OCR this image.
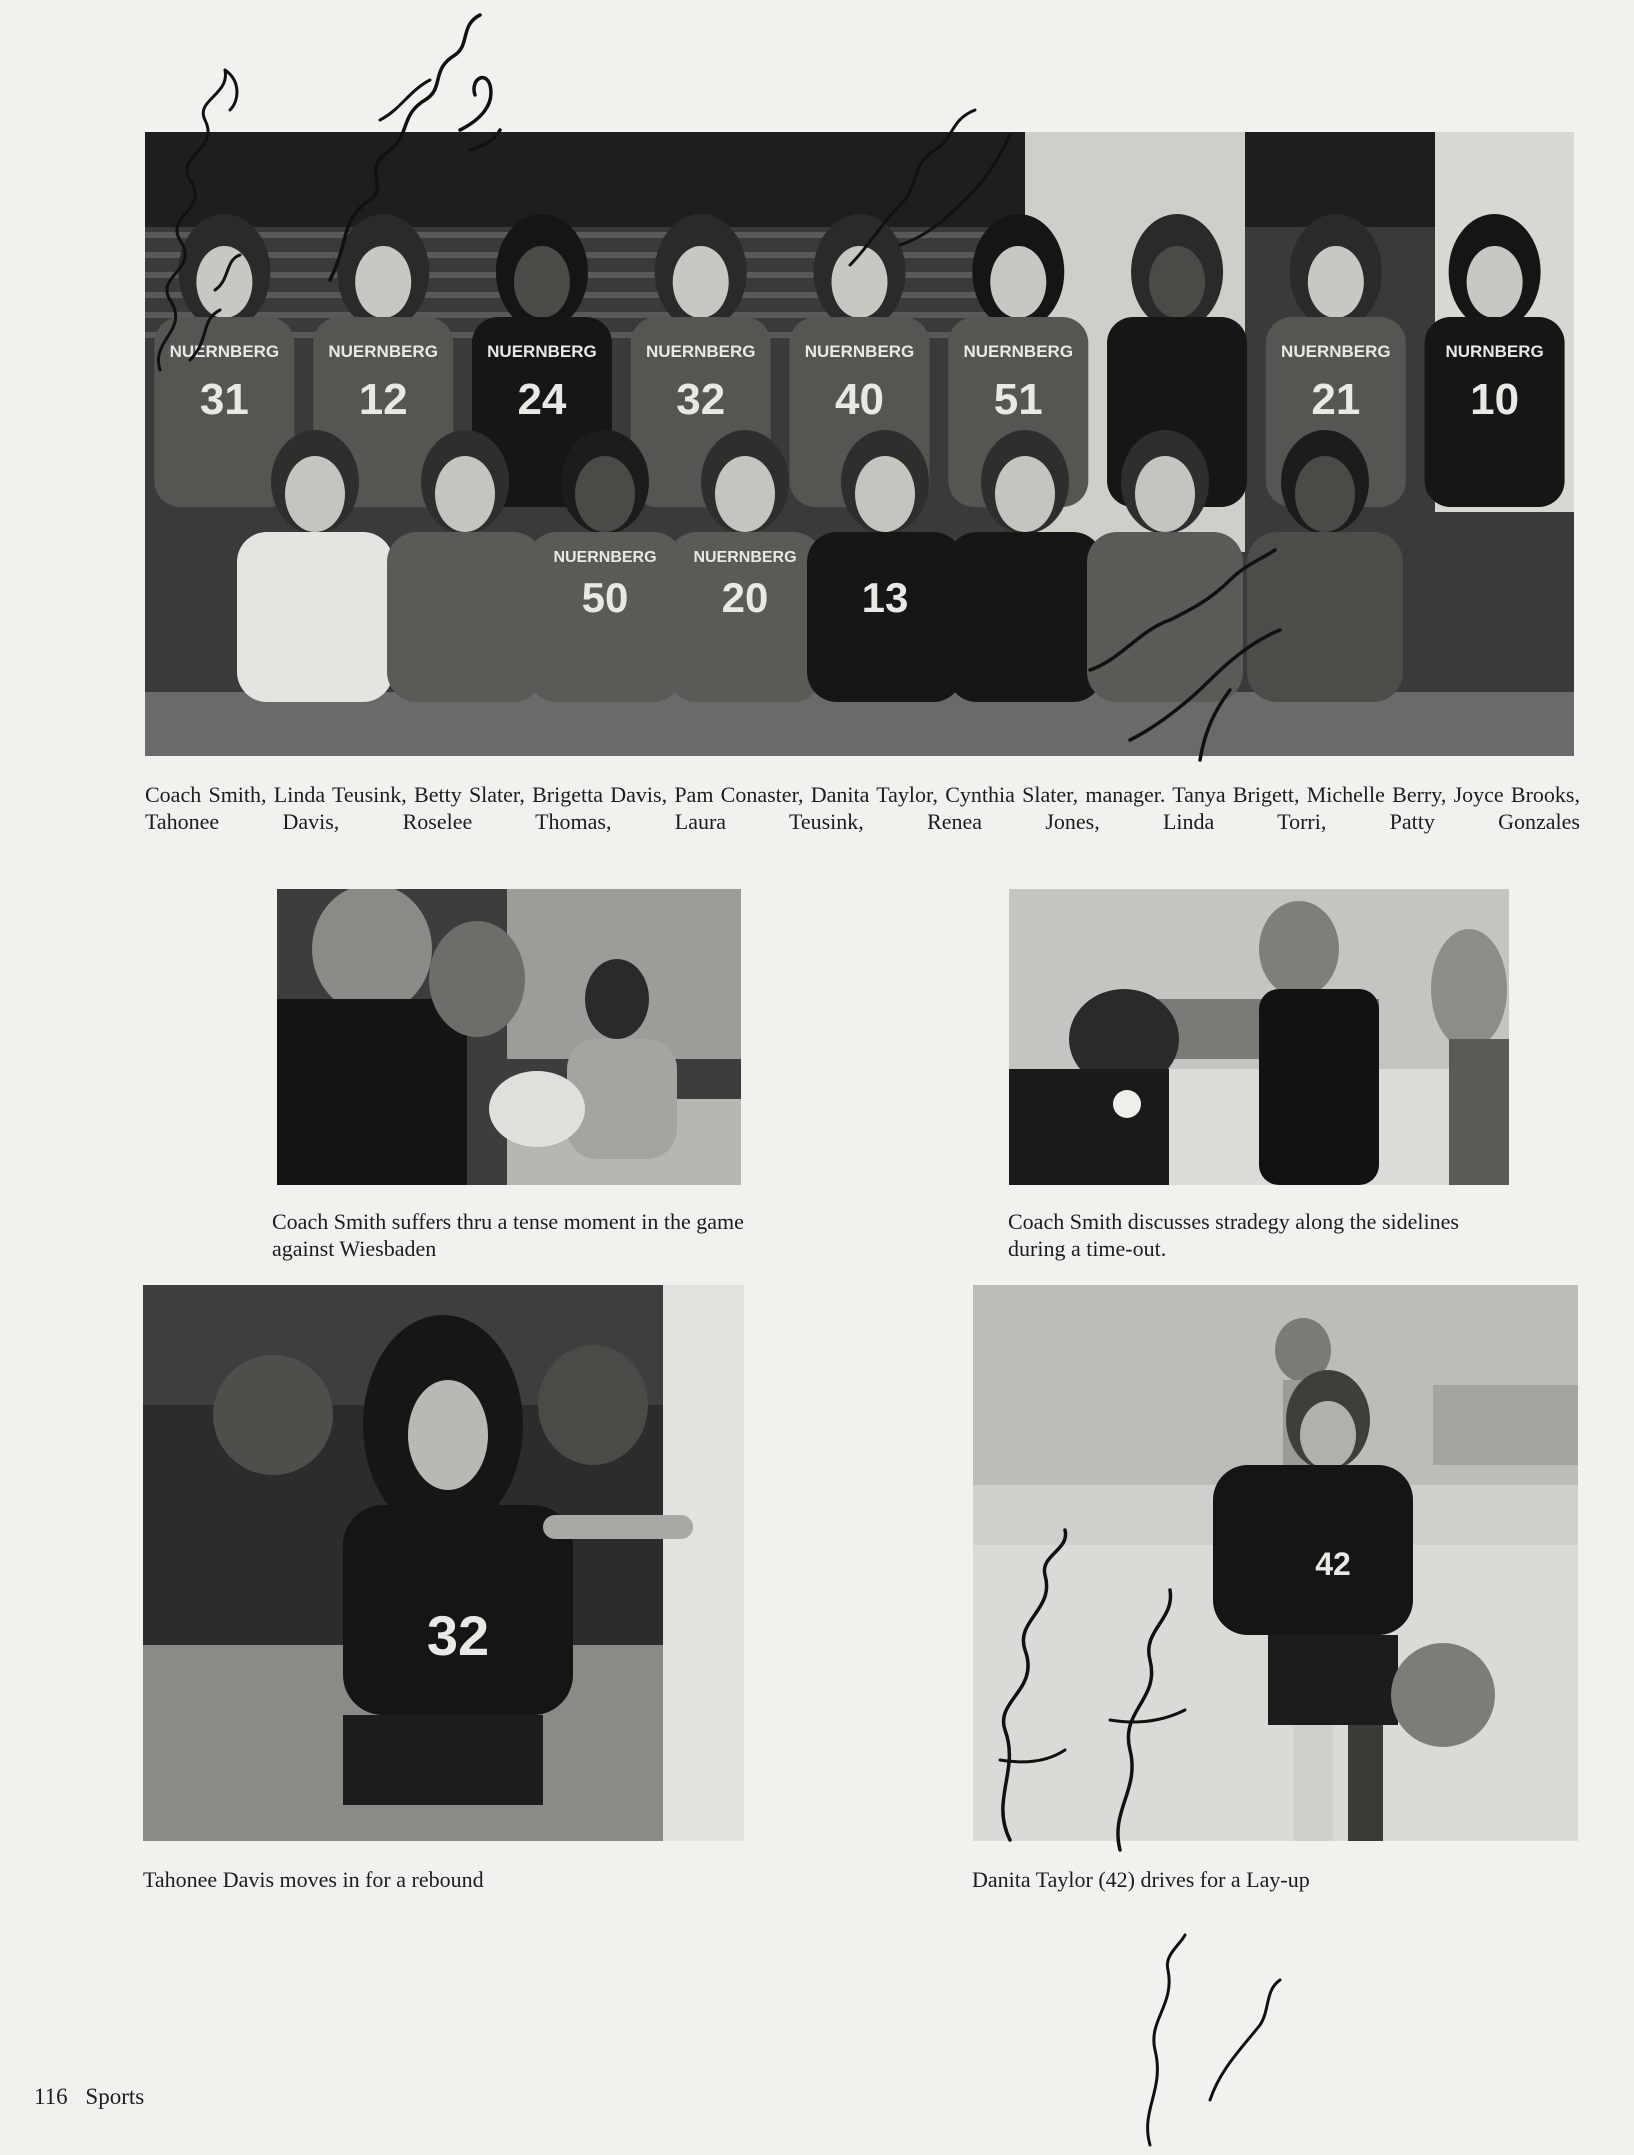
NUERNBERG
31
NUERNBERG
12
NUERNBERG
24
NUERNBERG
32
NUERNBERG
40
NUERNBERG
51
NUERNBERG
21
NURNBERG
10
50
NUERNBERG
20
NUERNBERG
13

Coach Smith, Linda Teusink, Betty Slater, Brigetta Davis, Pam Conaster, Danita Taylor, Cynthia Slater, manager. Tanya Brigett, Michelle Berry, Joyce Brooks, Tahonee Davis, Roselee Thomas, Laura Teusink, Renea Jones, Linda Torri, Patty Gonzales

Coach Smith suffers thru a tense moment in the game against Wiesbaden

Coach Smith discusses stradegy along the sidelines during a time-out.

32

Tahonee Davis moves in for a rebound

42

Danita Taylor (42) drives for a Lay-up

116 Sports
